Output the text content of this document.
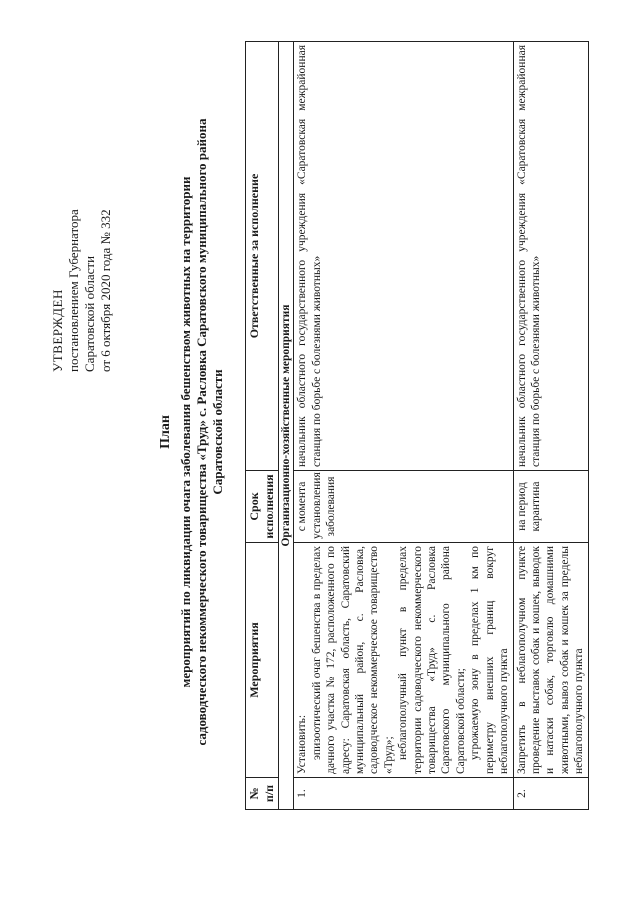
УТВЕРЖДЕН постановлением Губернатора Саратовской области от 6 октября 2020 года № 332
План мероприятий по ликвидации очага заболевания бешенством животных на территории садоводческого некоммерческого товарищества «Труд» с. Расловка Саратовского муниципального района Саратовской области
№ п/п	Мероприятия	Срок исполнения	Ответственные за исполнение
Организационно-хозяйственные мероприятия			
1.	Установить: эпизоотический очаг бешенства в пределах дачного участка № 172, расположенного по адресу: Саратовская область, Саратовский муниципальный район, с. Расловка, садоводческое некоммерческое товарищество «Труд»; неблагополучный пункт в пределах территории садоводческого некоммерческого товарищества «Труд» с. Расловка Саратовского муниципального района Саратовской области; угрожаемую зону в пределах 1 км по периметру внешних границ вокруг неблагополучного пункта	с момента установления заболевания	начальник областного государственного учреждения «Саратовская межрайонная станция по борьбе с болезнями животных»
2.	Запретить в неблагополучном пункте проведение выставок собак и кошек, выводок и натаски собак, торговлю домашними животными, вывоз собак и кошек за пределы неблагополучного пункта	на период карантина	начальник областного государственного учреждения «Саратовская межрайонная станция по борьбе с болезнями животных»
